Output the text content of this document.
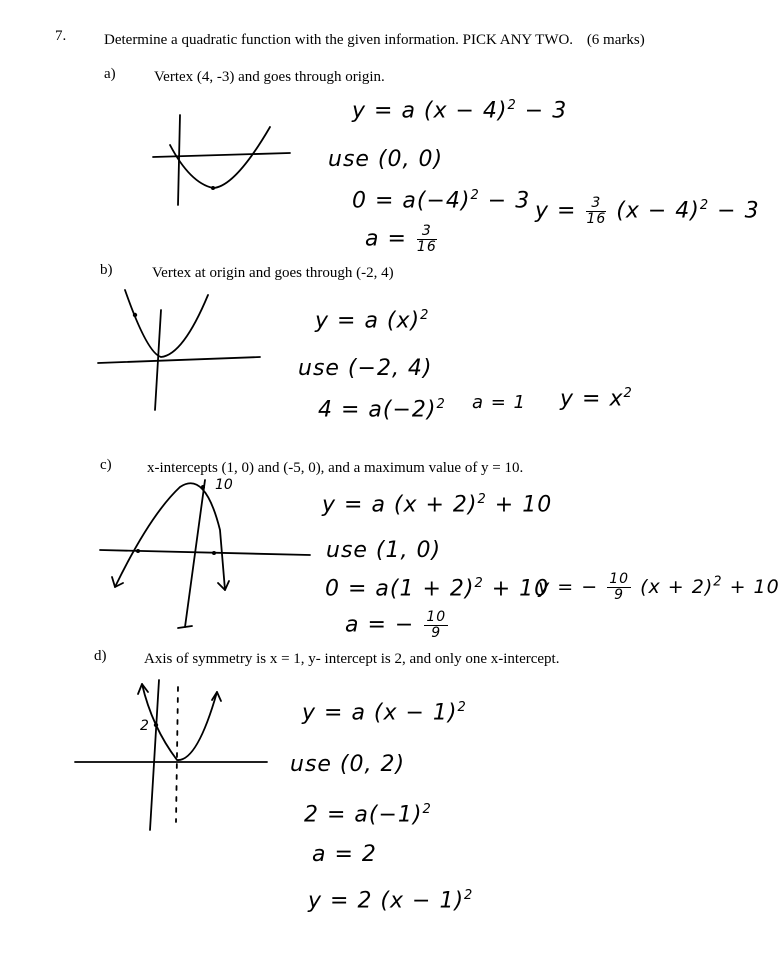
7.	Determine a quadratic function with the given information. PICK ANY TWO. (6 marks)
a)	Vertex (4, -3) and goes through origin.
y = a $(x - 4)^2 - 3$
use (0, 0)
$0 = a(-4)^2 - 3$
$a = \frac{3}{16}$
$y = \frac{3}{16} (x - 4)^2 - 3$
b)	Vertex at origin and goes through (-2, 4)
y = a $(x)^2$
use (−2, 4)
$4 = a(-2)^2$ a = 1 $y = x^2$
c) x-intercepts (1, 0) and (-5, 0), and a maximum value of y = 10.
10
y = a $(x + 2)^2 + 10$
use (1, 0)
$0 = a(1 + 2)^2 + 10$
a = − $\frac{10}{9}$
y = − $\frac{10}{9} (x + 2)^2 + 10$
d)	Axis of symmetry is x = 1, y- intercept is 2, and only one x-intercept.
2
y = a $(x - 1)^2$
use (0, 2)
$2 = a(-1)^2$
a = 2
y = 2 $(x - 1)^2$
